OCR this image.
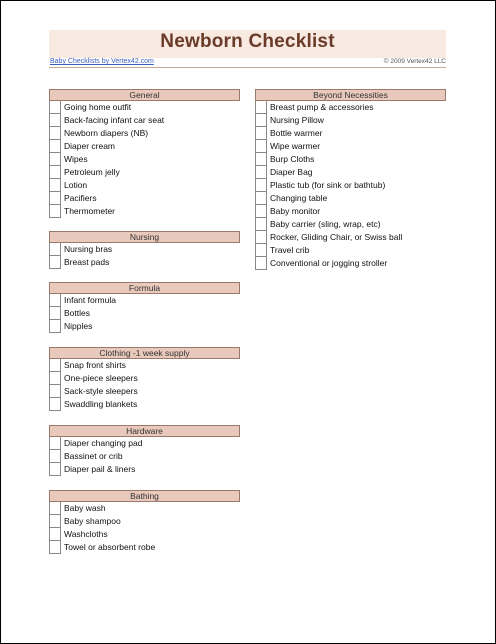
Newborn Checklist
Baby Checklists by Vertex42.com	© 2009 Vertex42 LLC
General
Going home outfit
Back-facing infant car seat
Newborn diapers (NB)
Diaper cream
Wipes
Petroleum jelly
Lotion
Pacifiers
Thermometer
Beyond Necessities
Breast pump & accessories
Nursing Pillow
Bottle warmer
Wipe warmer
Burp Cloths
Diaper Bag
Plastic tub (for sink or bathtub)
Changing table
Baby monitor
Baby carrier (sling, wrap, etc)
Rocker, Gliding Chair, or Swiss ball
Travel crib
Conventional or jogging stroller
Nursing
Nursing bras
Breast pads
Formula
Infant formula
Bottles
Nipples
Clothing -1 week supply
Snap front shirts
One-piece sleepers
Sack-style sleepers
Swaddling blankets
Hardware
Diaper changing pad
Bassinet or crib
Diaper pail & liners
Bathing
Baby wash
Baby shampoo
Washcloths
Towel or absorbent robe
